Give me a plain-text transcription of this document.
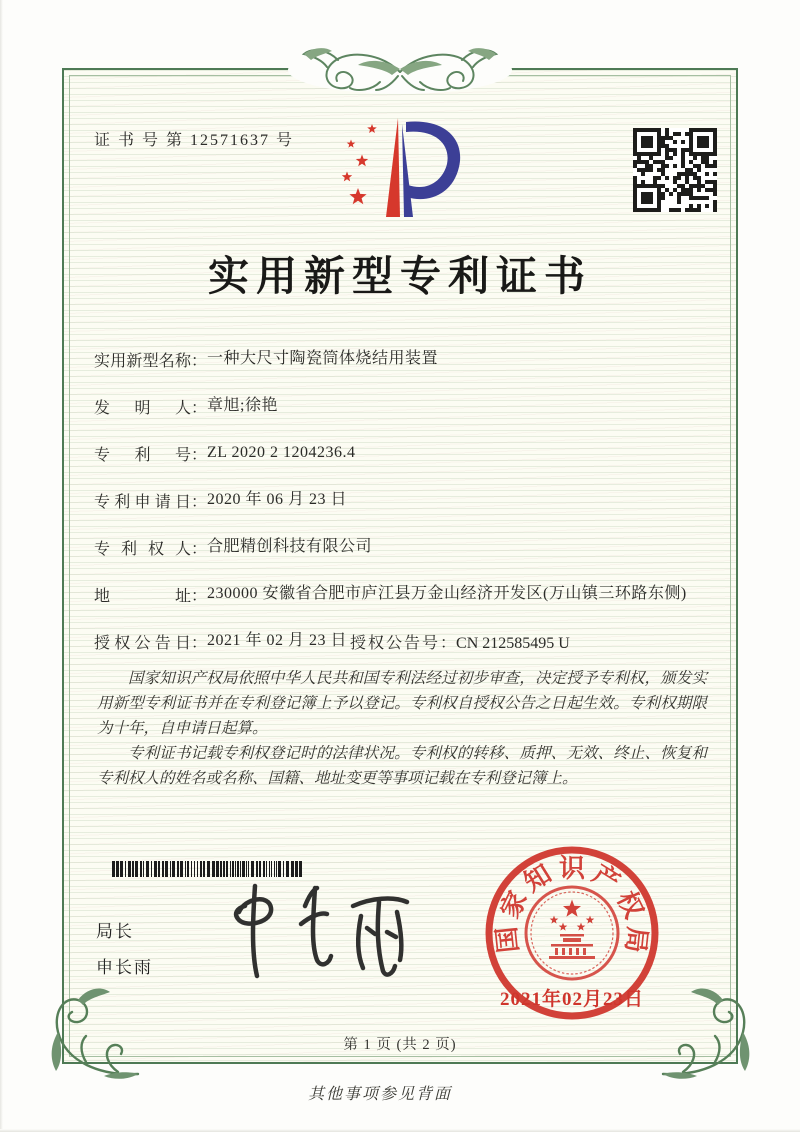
证 书 号 第 12571637 号
实用新型专利证书
实 用 新 型 名 称 ：一种大尺寸陶瓷筒体烧结用装置
发 明 人 ：章旭;徐艳
专 利 号 ：ZL 2020 2 1204236.4
专 利 申 请 日 ：2020 年 06 月 23 日
专 利 权 人 ：合肥精创科技有限公司
地	址 ：230000 安徽省合肥市庐江县万金山经济开发区(万山镇三环路东侧)
授 权 公 告 日 ：2021 年 02 月 23 日 授权公告号：CN 212585495 U

国家知识产权局依照中华人民共和国专利法经过初步审查，决定授予专利权，颁发实用新型专利证书并在专利登记簿上予以登记。专利权自授权公告之日起生效。专利权期限为十年，自申请日起算。

专利证书记载专利权登记时的法律状况。专利权的转移、质押、无效、终止、恢复和专利权人的姓名或名称、国籍、地址变更等事项记载在专利登记簿上。

局长
申长雨
国
家
知 识 产
权
局
2021年02月23日
第 1 页 (共 2 页)
其他事项参见背面
